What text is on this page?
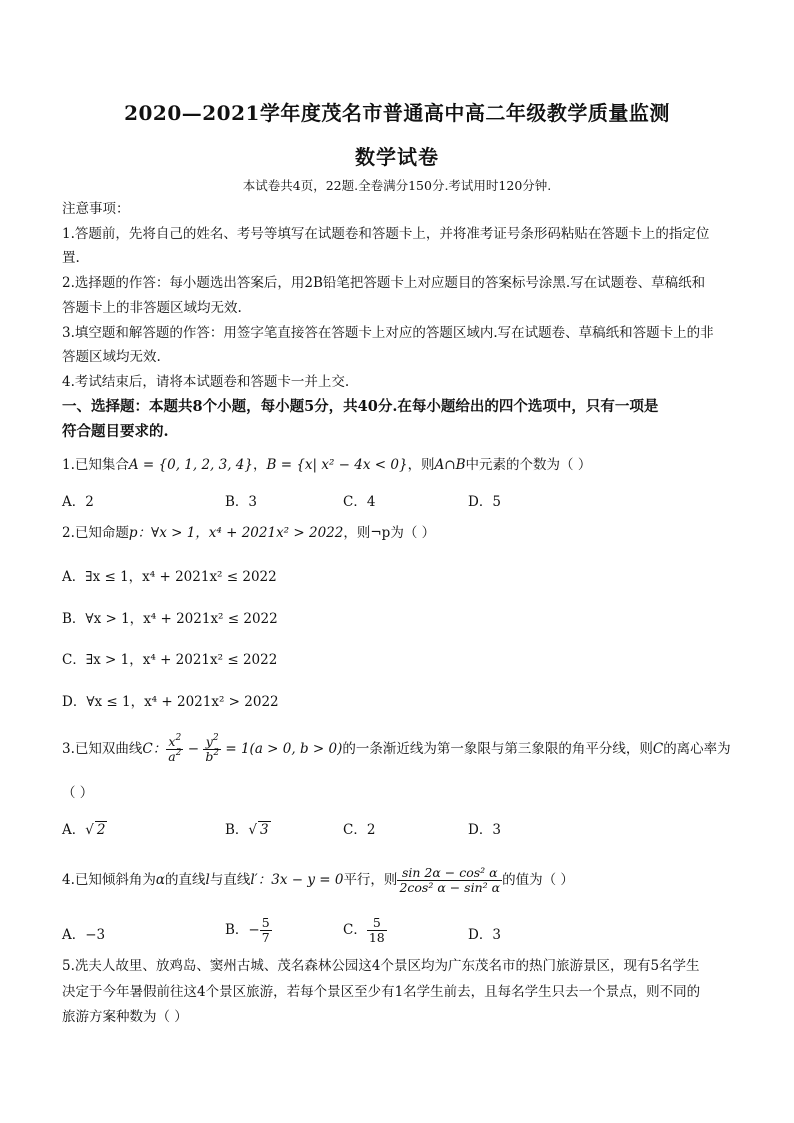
2020—2021学年度茂名市普通高中高二年级教学质量监测
数学试卷
本试卷共4页，22题.全卷满分150分.考试用时120分钟.
注意事项：
1.答题前，先将自己的姓名、考号等填写在试题卷和答题卡上，并将准考证号条形码粘贴在答题卡上的指定位
置.
2.选择题的作答：每小题选出答案后，用2B铅笔把答题卡上对应题目的答案标号涂黑.写在试题卷、草稿纸和
答题卡上的非答题区域均无效.
3.填空题和解答题的作答：用签字笔直接答在答题卡上对应的答题区域内.写在试题卷、草稿纸和答题卡上的非
答题区域均无效.
4.考试结束后，请将本试题卷和答题卡一并上交.
一、选择题：本题共8个小题，每小题5分，共40分.在每小题给出的四个选项中，只有一项是
符合题目要求的.
1.已知集合A = {0, 1, 2, 3, 4}，B = {x| x² − 4x < 0}，则A∩B中元素的个数为（ ）
A．2	B．3	C．4	D．5
2.已知命题p：∀x > 1，x⁴ + 2021x² > 2022，则¬p为（ ）
A．∃x ≤ 1，x⁴ + 2021x² ≤ 2022
B．∀x > 1，x⁴ + 2021x² ≤ 2022
C．∃x > 1，x⁴ + 2021x² ≤ 2022
D．∀x ≤ 1，x⁴ + 2021x² > 2022
3.已知双曲线C： $\frac{x^2}{a^2} - \frac{y^2}{b^2} = 1(a > 0$, b > 0)的一条渐近线为第一象限与第三象限的角平分线，则C的离心率为
（ ）
A．√ 2	B．√ 3	C．2	D．3
4.已知倾斜角为α的直线l与直线l′：3x − y = 0平行，则 $\frac{\text{sin 2α − cos² α}}{\text{2cos² α − sin² α}}$ 的值为（ ）
A．−3	B．− $\frac{5}{7}$	C． $\frac{5}{18}$	D．3
5.冼夫人故里、放鸡岛、窦州古城、茂名森林公园这4个景区均为广东茂名市的热门旅游景区，现有5名学生
决定于今年暑假前往这4个景区旅游，若每个景区至少有1名学生前去，且每名学生只去一个景点，则不同的
旅游方案种数为（ ）
